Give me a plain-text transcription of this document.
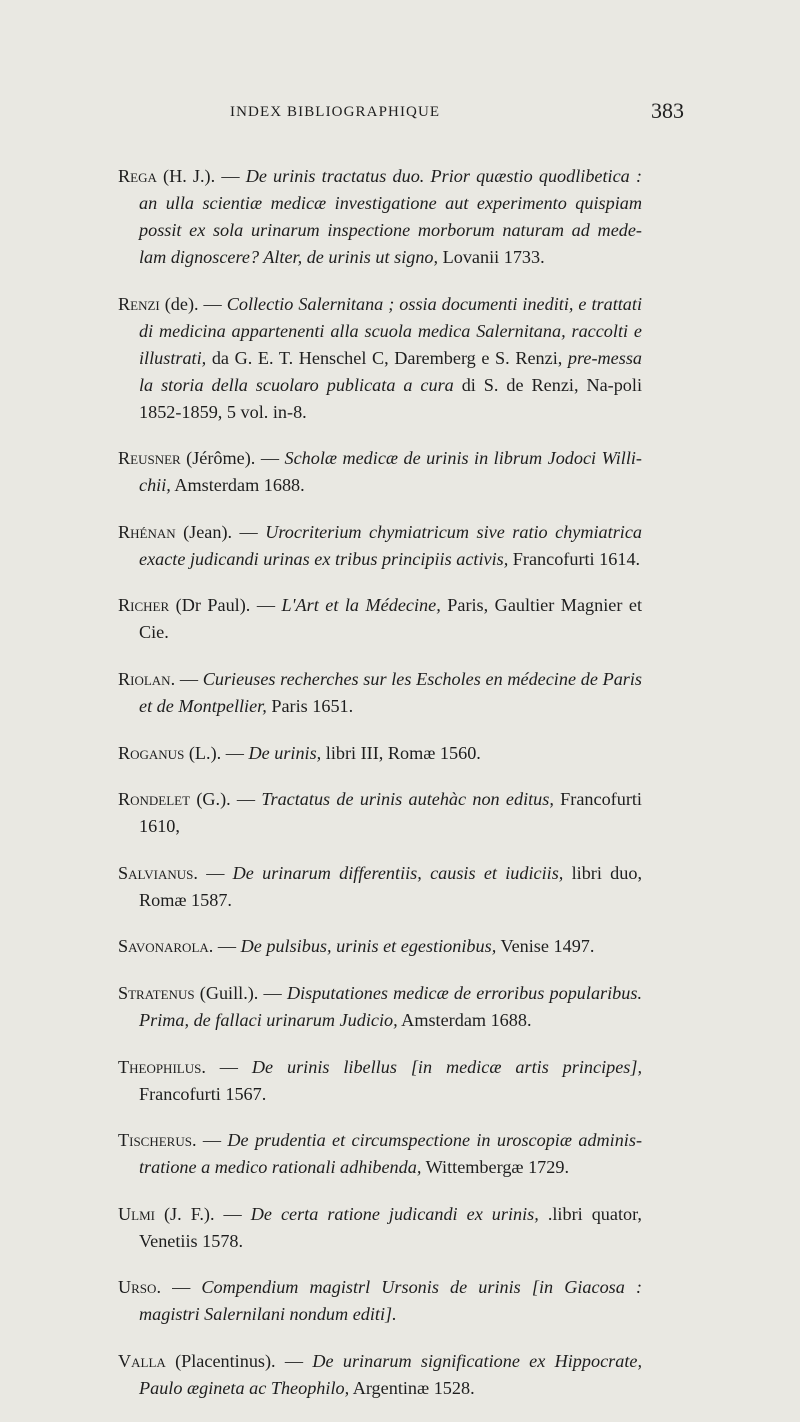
INDEX BIBLIOGRAPHIQUE	383

Rega (H. J.). — De urinis tractatus duo. Prior quæstio quodlibetica : an ulla scientiæ medicæ investigatione aut experimento quispiam possit ex sola urinarum inspectione morborum naturam ad mede-lam dignoscere? Alter, de urinis ut signo, Lovanii 1733.

Renzi (de). — Collectio Salernitana ; ossia documenti inediti, e trattati di medicina appartenenti alla scuola medica Salernitana, raccolti e illustrati, da G. E. T. Henschel C, Daremberg e S. Renzi, pre-messa la storia della scuolaro publicata a cura di S. de Renzi, Na-poli 1852-1859, 5 vol. in-8.

Reusner (Jérôme). — Scholæ medicæ de urinis in librum Jodoci Willi-chii, Amsterdam 1688.

Rhénan (Jean). — Urocriterium chymiatricum sive ratio chymiatrica exacte judicandi urinas ex tribus principiis activis, Francofurti 1614.

Richer (Dr Paul). — L'Art et la Médecine, Paris, Gaultier Magnier et Cie.

Riolan. — Curieuses recherches sur les Escholes en médecine de Paris et de Montpellier, Paris 1651.

Roganus (L.). — De urinis, libri III, Romæ 1560.

Rondelet (G.). — Tractatus de urinis autehàc non editus, Francofurti 1610,

Salvianus. — De urinarum differentiis, causis et iudiciis, libri duo, Romæ 1587.

Savonarola. — De pulsibus, urinis et egestionibus, Venise 1497.

Stratenus (Guill.). — Disputationes medicæ de erroribus popularibus. Prima, de fallaci urinarum Judicio, Amsterdam 1688.

Theophilus. — De urinis libellus [in medicæ artis principes], Francofurti 1567.

Tischerus. — De prudentia et circumspectione in uroscopiæ adminis-tratione a medico rationali adhibenda, Wittembergæ 1729.

Ulmi (J. F.). — De certa ratione judicandi ex urinis, .libri quator, Venetiis 1578.

Urso. — Compendium magistrl Ursonis de urinis [in Giacosa : magistri Salernilani nondum editi].

Valla (Placentinus). — De urinarum significatione ex Hippocrate, Paulo ægineta ac Theophilo, Argentinæ 1528.
